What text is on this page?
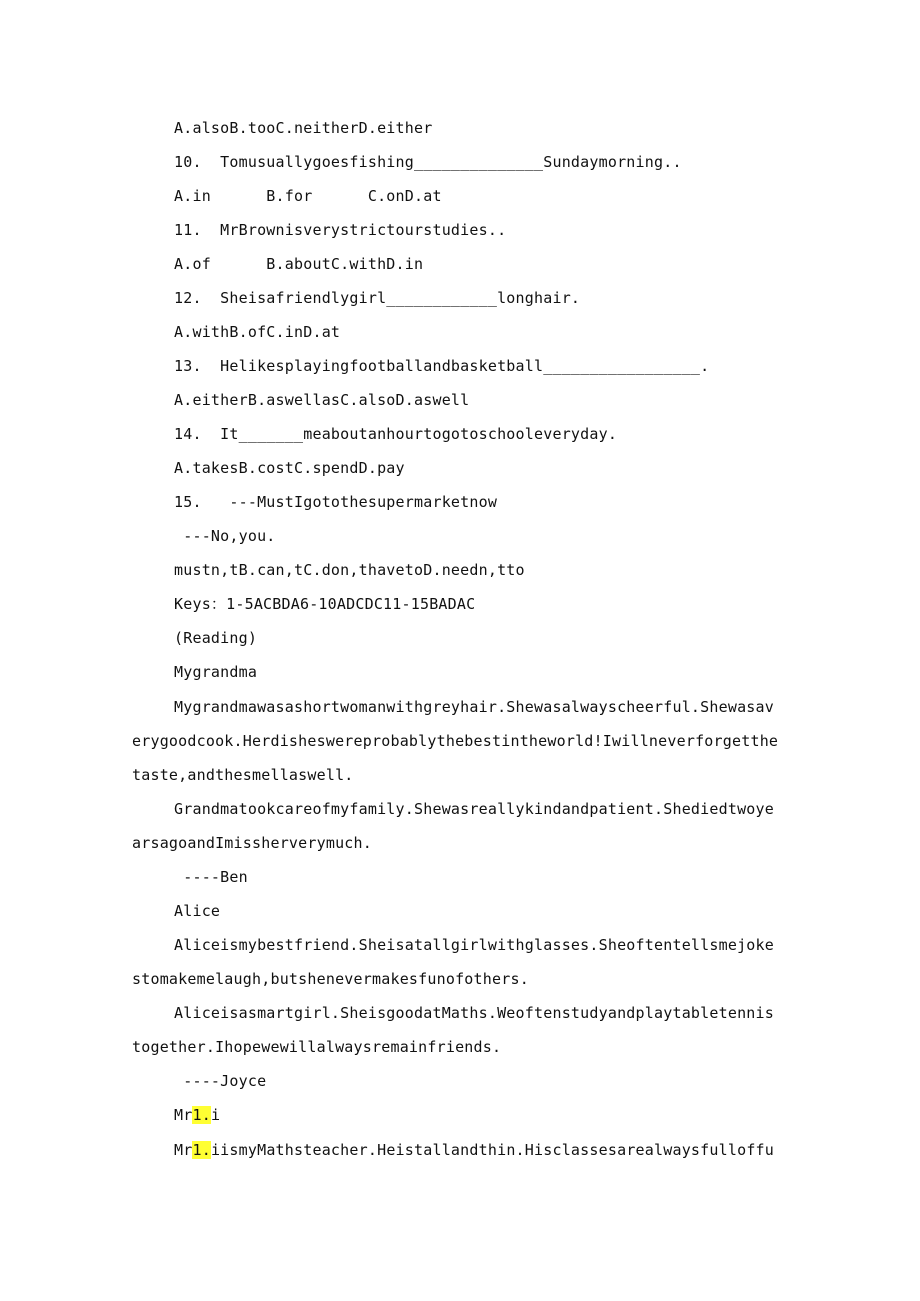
A.alsoB.tooC.neitherD.either
10.  Tomusuallygoesfishing______________Sundaymorning..
A.in      B.for      C.onD.at
11.  MrBrownisverystrictourstudies..
A.of      B.aboutC.withD.in
12.  Sheisafriendlygirl____________longhair.
A.withB.ofC.inD.at
13.  Helikesplayingfootballandbasketball_________________.
A.eitherB.aswellasC.alsoD.aswell
14.  It_______meaboutanhourtogotoschooleveryday.
A.takesB.costC.spendD.pay
15.   ---MustIgotothesupermarketnow
---No,you.
mustn,tB.can,tC.don,thavetoD.needn,tto
Keys：1-5ACBDA6-10ADCDC11-15BADAC
(Reading)
Mygrandma
Mygrandmawasashortwomanwithgreyhair.Shewasalwayscheerful.Shewasav
erygoodcook.Herdisheswereprobablythebestintheworld!Iwillneverforgetthe
taste,andthesmellaswell.
Grandmatookcareofmyfamily.Shewasreallykindandpatient.Shediedtwoye
arsagoandImissherverymuch.
----Ben
Alice
Aliceismybestfriend.Sheisatallgirlwithglasses.Sheoftentellsmejoke
stomakemelaugh,butshenevermakesfunofothers.
Aliceisasmartgirl.SheisgoodatMaths.Weoftenstudyandplaytabletennis
together.Ihopewewillalwaysremainfriends.
----Joyce
Mr1.i
Mr1.iismyMathsteacher.Heistallandthin.Hisclassesarealwaysfulloffu
